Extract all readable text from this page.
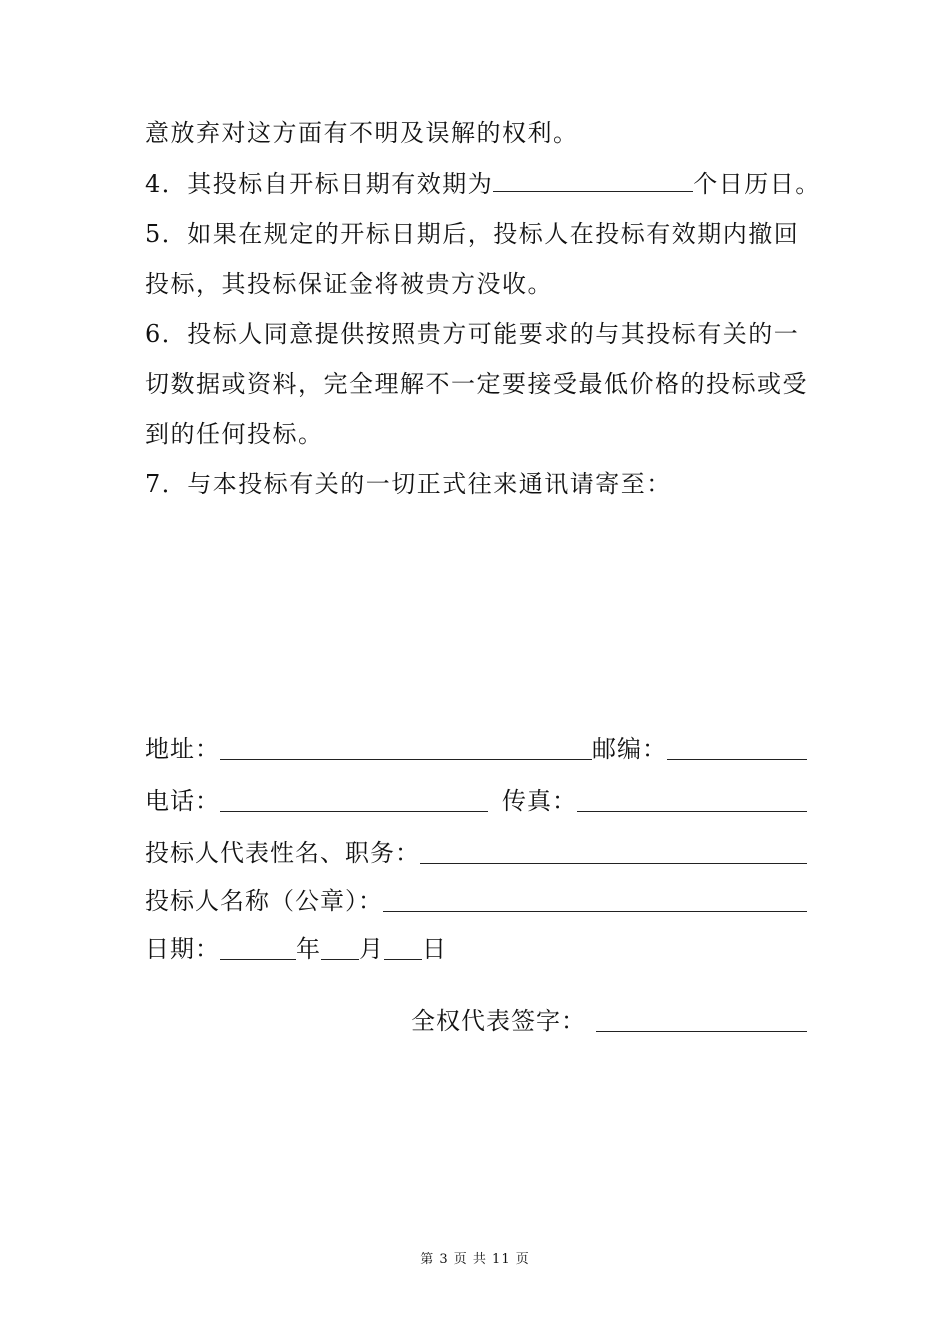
意放弃对这方面有不明及误解的权利。
4．其投标自开标日期有效期为	个日历日。
5．如果在规定的开标日期后，投标人在投标有效期内撤回
投标，其投标保证金将被贵方没收。
6．投标人同意提供按照贵方可能要求的与其投标有关的一
切数据或资料，完全理解不一定要接受最低价格的投标或受
到的任何投标。
7．与本投标有关的一切正式往来通讯请寄至：
地址：	邮编：
电话：	传真：
投标人代表性名、职务：
投标人名称（公章）：
日期：	年 月 日
全权代表签字：
第 3 页 共 11 页
